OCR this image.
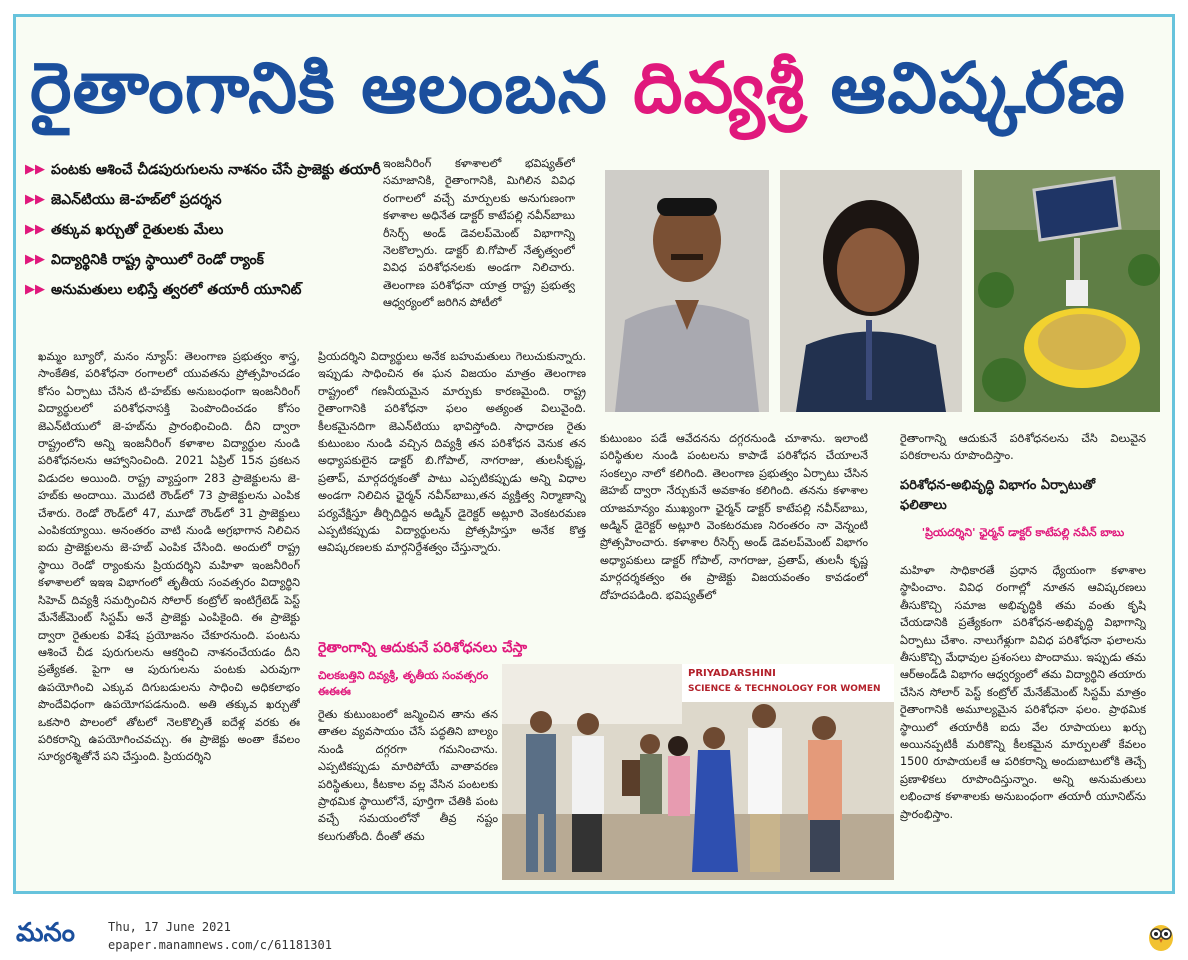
రైతాంగానికి ఆలంబన దివ్యశ్రీ ఆవిష్కరణ
▶▶ పంటకు ఆశించే చీడపురుగులను నాశనం చేసే ప్రాజెక్టు తయారీ
▶▶ జెఎన్‌టియు జె-హబ్‌లో ప్రదర్శన
▶▶ తక్కువ ఖర్చుతో రైతులకు మేలు
▶▶ విద్యార్థినికి రాష్ట్ర స్థాయిలో రెండో ర్యాంక్
▶▶ అనుమతులు లభిస్తే త్వరలో తయారీ యూనిట్

ఖమ్మం బ్యూరో, మనం న్యూస్: తెలంగాణ ప్రభుత్వం శాస్త్ర, సాంకేతిక, పరిశోధనా రంగాలలో యువతను ప్రోత్సహించడం కోసం ఏర్పాటు చేసిన టి-హబ్‌కు అనుబంధంగా ఇంజనీరింగ్ విద్యార్థులలో పరిశోధనాసక్తి పెంపొందించడం కోసం జెఎన్‌టియులో జె-హబ్‌ను ప్రారంభించింది. దీని ద్వారా రాష్ట్రంలోని అన్ని ఇంజనీరింగ్ కళాశాల విద్యార్థుల నుండి పరిశోధనలను ఆహ్వానించింది. 2021 ఏప్రిల్ 15న ప్రకటన విడుదల అయింది. రాష్ట్ర వ్యాప్తంగా 283 ప్రాజెక్టులను జె-హబ్‌కు అందాయి. మొదటి రౌండ్‌లో 73 ప్రాజెక్టులను ఎంపిక చేశారు. రెండో రౌండ్‌లో 47, మూడో రౌండ్‌లో 31 ప్రాజెక్టులు ఎంపికయ్యాయి. అనంతరం వాటి నుండి అగ్రభాగాన నిలిచిన ఐదు ప్రాజెక్టులను జె-హబ్ ఎంపిక చేసింది. అందులో రాష్ట్ర స్థాయి రెండో ర్యాంకును ప్రియదర్శిని మహిళా ఇంజనీరింగ్ కళాశాలలో ఇఇఇ విభాగంలో తృతీయ సంవత్సరం విద్యార్థిని సిహెచ్ దివ్యశ్రీ సమర్పించిన సోలార్ కంట్రోల్ ఇంటిగ్రేటెడ్ పెస్ట్ మేనేజ్‌మెంట్ సిస్టమ్ అనే ప్రాజెక్టు ఎంపికైంది. ఈ ప్రాజెక్టు ద్వారా రైతులకు విశేష ప్రయోజనం చేకూరనుంది. పంటను ఆశించే చీడ పురుగులను ఆకర్షించి నాశనంచేయడం దీని ప్రత్యేకత. పైగా ఆ పురుగులను పంటకు ఎరువుగా ఉపయోగించి ఎక్కువ దిగుబడులను సాధించి అధికలాభం పొందేవిధంగా ఉపయోగపడనుంది. అతి తక్కువ ఖర్చుతో ఒకసారి పొలంలో తోటలో నెలకొల్పితే ఐదేళ్ల వరకు ఈ పరికరాన్ని ఉపయోగించవచ్చు. ఈ ప్రాజెక్టు అంతా కేవలం సూర్యరశ్మితోనే పని చేస్తుంది. ప్రియదర్శిని

ఇంజనీరింగ్ కళాశాలలో భవిష్యత్‌లో సమాజానికి, రైతాంగానికి, మిగిలిన వివిధ రంగాలలో వచ్చే మార్పులకు అనుగుణంగా కళాశాల అధినేత డాక్టర్ కాటేపల్లి నవీన్‌బాబు రీసెర్చ్ అండ్ డెవలప్‌మెంట్ విభాగాన్ని నెలకొల్పారు. డాక్టర్ బి.గోపాల్ నేతృత్వంలో వివిధ పరిశోధనలకు అండగా నిలిచారు. తెలంగాణ పరిశోధనా యాత్ర రాష్ట్ర ప్రభుత్వ ఆధ్వర్యంలో జరిగిన పోటీలో

ప్రియదర్శిని విద్యార్థులు అనేక బహుమతులు గెలుచుకున్నారు. ఇప్పుడు సాధించిన ఈ ఘన విజయం మాత్రం తెలంగాణ రాష్ట్రంలో గణనీయమైన మార్పుకు కారణమైంది. రాష్ట్ర రైతాంగానికి పరిశోధనా ఫలం అత్యంత విలువైంది. కీలకమైనదిగా జెఎన్‌టియు భావిస్తోంది. సాధారణ రైతు కుటుంబం నుండి వచ్చిన దివ్యశ్రీ తన పరిశోధన వెనుక తన అధ్యాపకులైన డాక్టర్ బి.గోపాల్, నాగరాజు, తులసీకృష్ణ, ప్రతాప్, మార్గదర్శకంతో పాటు ఎప్పటికప్పుడు అన్ని విధాల అండగా నిలిచిన ఛైర్మన్ నవీన్‌బాబు,తన వ్యక్తిత్వ నిర్మాణాన్ని పర్యవేక్షిస్తూ తీర్చిదిద్దిన అడ్మిన్ డైరెక్టర్ అట్లూరి వెంకటరమణ ఎప్పటికప్పుడు విద్యార్థులను ప్రోత్సహిస్తూ అనేక కొత్త ఆవిష్కరణలకు మార్గనిర్దేశత్వం చేస్తున్నారు.

రైతాంగాన్ని ఆదుకునే పరిశోధనలు చేస్తా
చిలకబత్తిని దివ్యశ్రీ, తృతీయ సంవత్సరం ఈఈఈ

రైతు కుటుంబంలో జన్మించిన తాను తన తాతల వ్యవసాయం చేసే పద్ధతిని బాల్యం నుండి దగ్గరగా గమనించాను. ఎప్పటికప్పుడు మారిపోయే వాతావరణ పరిస్థితులు, కీటకాల వల్ల వేసిన పంటలకు ప్రాథమిక స్థాయిలోనే, పూర్తిగా చేతికి పంట వచ్చే సమయంలోనో తీవ్ర నష్టం కలుగుతోంది. దీంతో తమ

కుటుంబం పడే ఆవేదనను దగ్గరనుండి చూశాను. ఇలాంటి పరిస్థితుల నుండి పంటలను కాపాడే పరిశోధన చేయాలనే సంకల్పం నాలో కలిగింది. తెలంగాణ ప్రభుత్వం ఏర్పాటు చేసిన జెహబ్ ద్వారా నేర్చుకునే అవకాశం కలిగింది. తనను కళాశాల యాజమాన్యం ముఖ్యంగా ఛైర్మన్ డాక్టర్ కాటేపల్లి నవీన్‌బాబు, అడ్మిన్ డైరెక్టర్ అట్లూరి వెంకటరమణ నిరంతరం నా వెన్నంటి ప్రోత్సహించారు. కళాశాల రీసెర్చ్ అండ్ డెవలప్‌మెంట్ విభాగం అధ్యాపకులు డాక్టర్ గోపాల్, నాగరాజు, ప్రతాప్, తులసీ కృష్ణ మార్గదర్శకత్వం ఈ ప్రాజెక్టు విజయవంతం కావడంలో దోహదపడింది. భవిష్యత్‌లో

రైతాంగాన్ని ఆదుకునే పరిశోధనలను చేసి విలువైన పరికరాలను రూపొందిస్తాం.

పరిశోధన-అభివృద్ధి విభాగం ఏర్పాటుతో ఫలితాలు
'ప్రియదర్శిని' ఛైర్మన్ డాక్టర్ కాటేపల్లి నవీన్ బాబు

మహిళా సాధికారతే ప్రధాన ధ్యేయంగా కళాశాల స్థాపించాం. వివిధ రంగాల్లో నూతన ఆవిష్కరణలు తీసుకొచ్చి సమాజ అభివృద్ధికి తమ వంతు కృషి చేయడానికి ప్రత్యేకంగా పరిశోధన-అభివృద్ధి విభాగాన్ని ఏర్పాటు చేశాం. నాలుగేళ్లుగా వివిధ పరిశోధనా ఫలాలను తీసుకొచ్చి మేధావుల ప్రశంసలు పొందాము. ఇప్పుడు తమ ఆర్‌అండ్‌డి విభాగం ఆధ్వర్యంలో తమ విద్యార్థిని తయారు చేసిన సోలార్ పెస్ట్ కంట్రోల్ మేనేజ్‌మెంట్ సిస్టమ్ మాత్రం రైతాంగానికి అమూల్యమైన పరిశోధనా ఫలం. ప్రాథమిక స్థాయిలో తయారీకి ఐదు వేల రూపాయలు ఖర్చు అయినప్పటికీ మరికొన్ని కీలకమైన మార్పులతో కేవలం 1500 రూపాయలకే ఆ పరికరాన్ని అందుబాటులోకి తెచ్చే ప్రణాళికలు రూపొందిస్తున్నాం. అన్ని అనుమతులు లభించాక కళాశాలకు అనుబంధంగా తయారీ యూనిట్‌ను ప్రారంభిస్తాం.

PRIYADARSHINI
SCIENCE & TECHNOLOGY FOR WOMEN
మనం	Thu, 17 June 2021
epaper.manamnews.com/c/61181301
